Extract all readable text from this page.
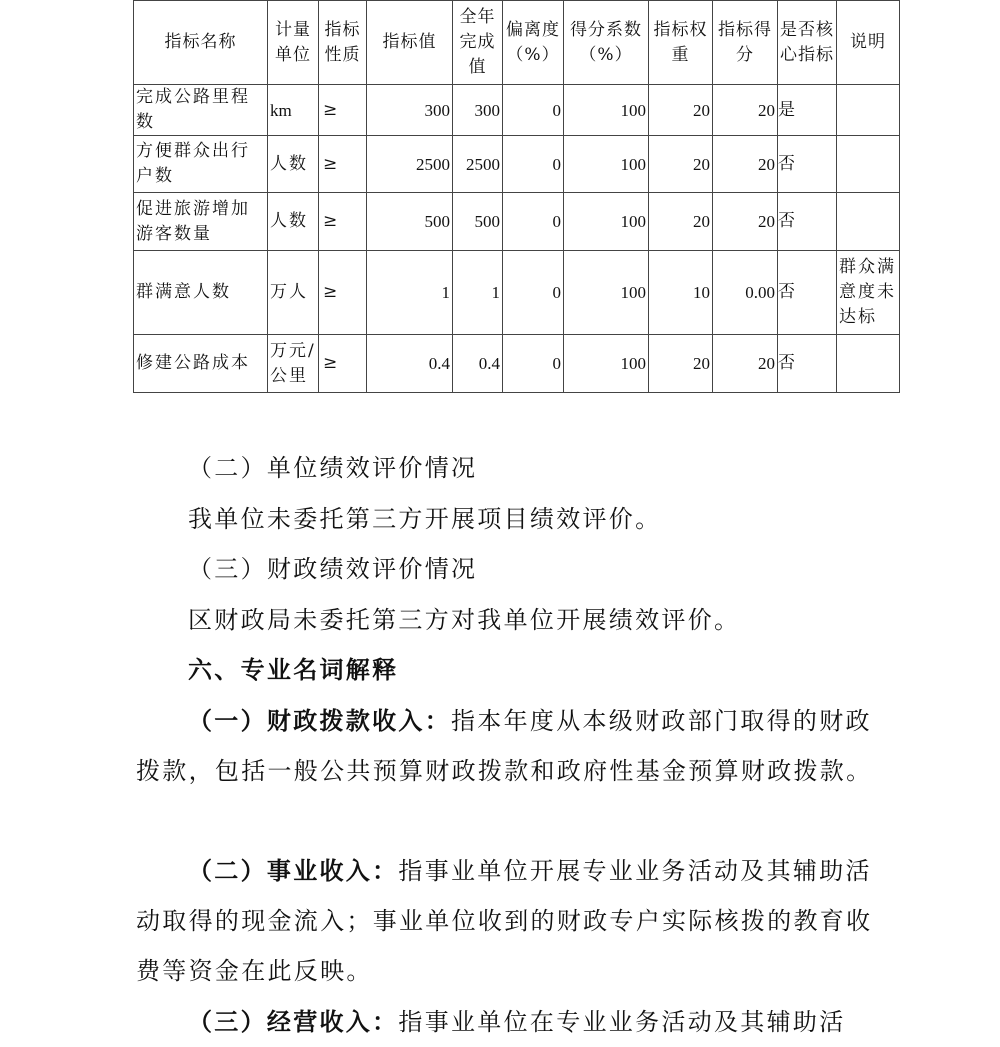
指标名称	计量单位	指标性质	指标值	全年完成值	偏离度（%）	得分系数（%）	指标权重	指标得分	是否核心指标	说明
完成公路里程数	km	≥	300	300	0	100	20	20	是	
方便群众出行户数	人数	≥	2500	2500	0	100	20	20	否	
促进旅游增加游客数量	人数	≥	500	500	0	100	20	20	否	
群满意人数	万人	≥	1	1	0	100	10	0.00	否	群众满意度未达标
修建公路成本	万元/公里	≥	0.4	0.4	0	100	20	20	否	

（二）单位绩效评价情况

我单位未委托第三方开展项目绩效评价。

（三）财政绩效评价情况

区财政局未委托第三方对我单位开展绩效评价。

六、专业名词解释

（一）财政拨款收入：指本年度从本级财政部门取得的财政拨款，包括一般公共预算财政拨款和政府性基金预算财政拨款。

（二）事业收入：指事业单位开展专业业务活动及其辅助活动取得的现金流入；事业单位收到的财政专户实际核拨的教育收费等资金在此反映。

（三）经营收入：指事业单位在专业业务活动及其辅助活
